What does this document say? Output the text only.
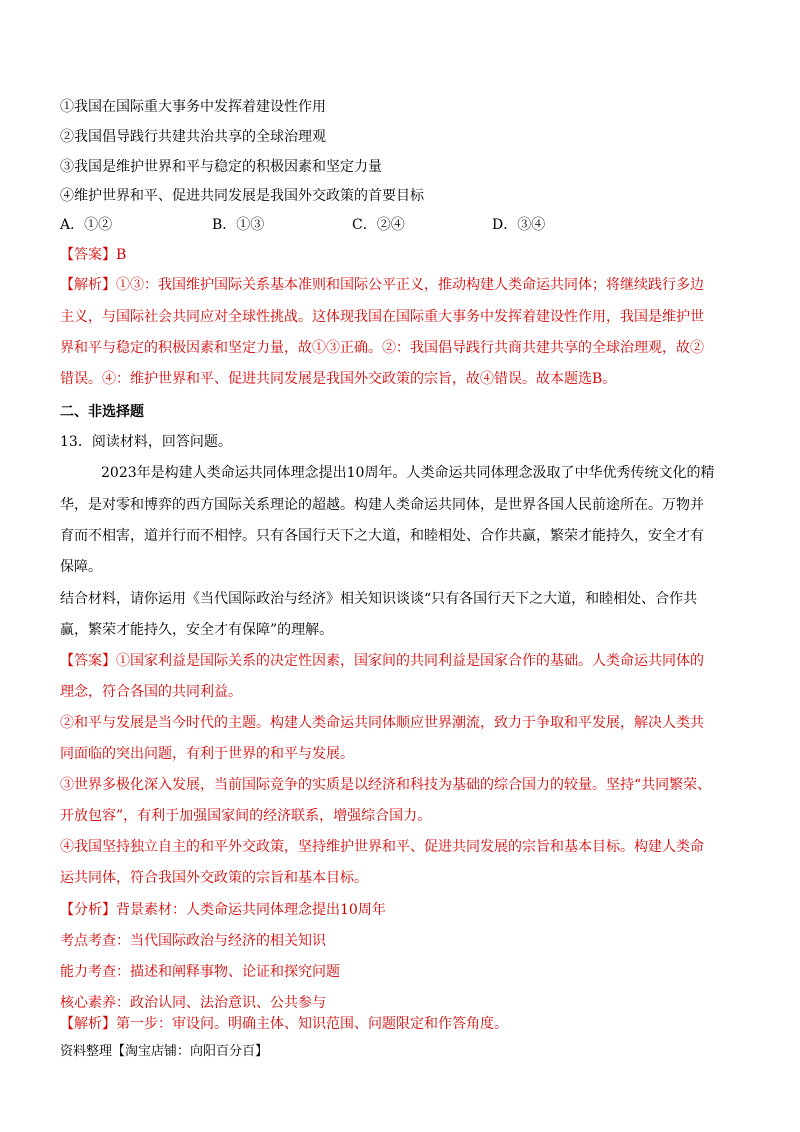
①我国在国际重大事务中发挥着建设性作用
②我国倡导践行共建共治共享的全球治理观
③我国是维护世界和平与稳定的积极因素和坚定力量
④维护世界和平、促进共同发展是我国外交政策的首要目标
A．①②	B．①③	C．②④	D．③④
【答案】B
【解析】①③：我国维护国际关系基本准则和国际公平正义，推动构建人类命运共同体；将继续践行多边
主义，与国际社会共同应对全球性挑战。这体现我国在国际重大事务中发挥着建设性作用，我国是维护世
界和平与稳定的积极因素和坚定力量，故①③正确。②：我国倡导践行共商共建共享的全球治理观，故②
错误。④：维护世界和平、促进共同发展是我国外交政策的宗旨，故④错误。故本题选B。
二、非选择题
13．阅读材料，回答问题。
2023年是构建人类命运共同体理念提出10周年。人类命运共同体理念汲取了中华优秀传统文化的精
华，是对零和博弈的西方国际关系理论的超越。构建人类命运共同体，是世界各国人民前途所在。万物并
育而不相害，道并行而不相悖。只有各国行天下之大道，和睦相处、合作共赢，繁荣才能持久，安全才有
保障。
结合材料，请你运用《当代国际政治与经济》相关知识谈谈“只有各国行天下之大道，和睦相处、合作共
赢，繁荣才能持久，安全才有保障”的理解。
【答案】①国家利益是国际关系的决定性因素，国家间的共同利益是国家合作的基础。人类命运共同体的
理念，符合各国的共同利益。
②和平与发展是当今时代的主题。构建人类命运共同体顺应世界潮流，致力于争取和平发展，解决人类共
同面临的突出问题，有利于世界的和平与发展。
③世界多极化深入发展，当前国际竞争的实质是以经济和科技为基础的综合国力的较量。坚持“共同繁荣、
开放包容”，有利于加强国家间的经济联系，增强综合国力。
④我国坚持独立自主的和平外交政策，坚持维护世界和平、促进共同发展的宗旨和基本目标。构建人类命
运共同体，符合我国外交政策的宗旨和基本目标。
【分析】背景素材：人类命运共同体理念提出10周年
考点考查：当代国际政治与经济的相关知识
能力考查：描述和阐释事物、论证和探究问题
核心素养：政治认同、法治意识、公共参与
【解析】第一步：审设问。明确主体、知识范围、问题限定和作答角度。
资料整理【淘宝店铺：向阳百分百】
